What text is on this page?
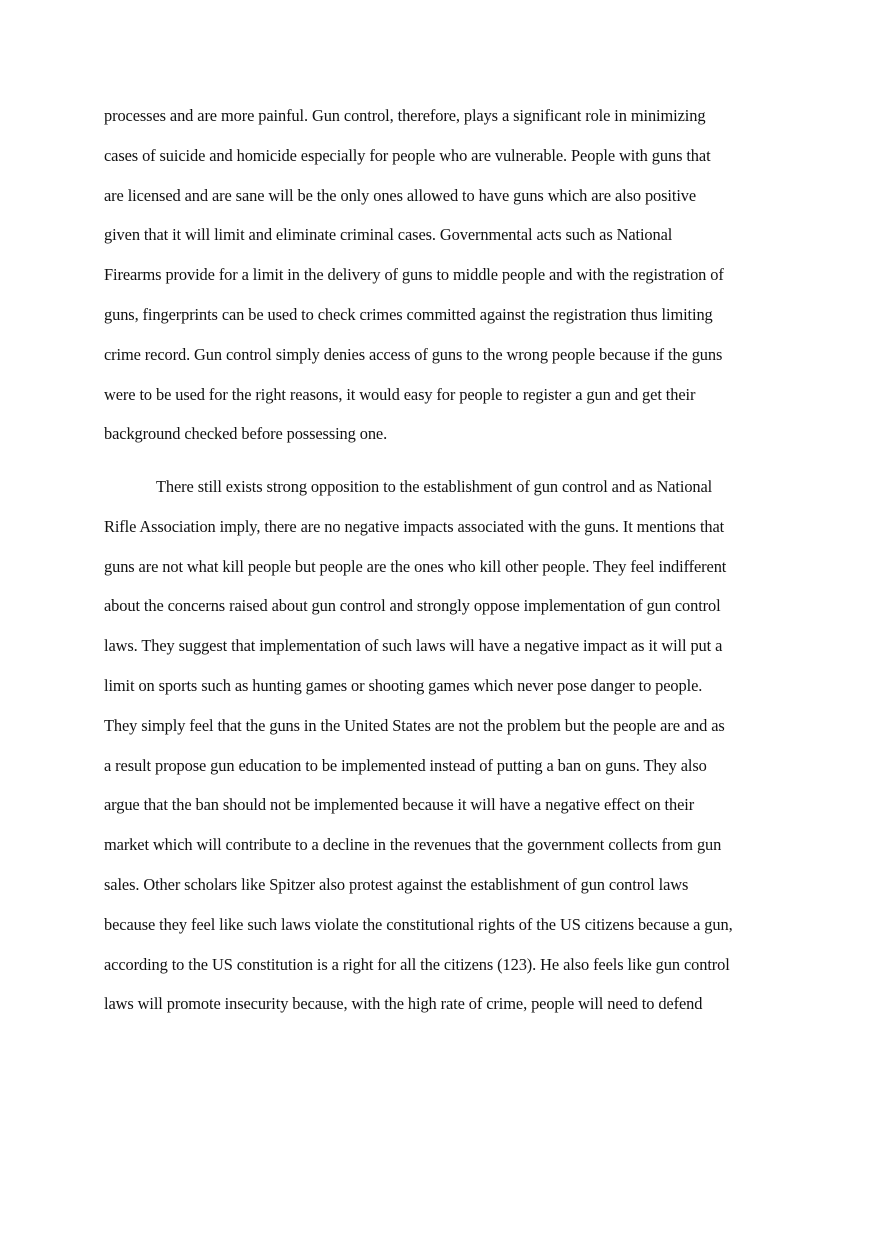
processes and are more painful. Gun control, therefore, plays a significant role in minimizing
cases of suicide and homicide especially for people who are vulnerable. People with guns that
are licensed and are sane will be the only ones allowed to have guns which are also positive
given that it will limit and eliminate criminal cases. Governmental acts such as National
Firearms provide for a limit in the delivery of guns to middle people and with the registration of
guns, fingerprints can be used to check crimes committed against the registration thus limiting
crime record. Gun control simply denies access of guns to the wrong people because if the guns
were to be used for the right reasons, it would easy for people to register a gun and get their
background checked before possessing one.
There still exists strong opposition to the establishment of gun control and as National
Rifle Association imply, there are no negative impacts associated with the guns. It mentions that
guns are not what kill people but people are the ones who kill other people. They feel indifferent
about the concerns raised about gun control and strongly oppose implementation of gun control
laws. They suggest that implementation of such laws will have a negative impact as it will put a
limit on sports such as hunting games or shooting games which never pose danger to people.
They simply feel that the guns in the United States are not the problem but the people are and as
a result propose gun education to be implemented instead of putting a ban on guns. They also
argue that the ban should not be implemented because it will have a negative effect on their
market which will contribute to a decline in the revenues that the government collects from gun
sales. Other scholars like Spitzer also protest against the establishment of gun control laws
because they feel like such laws violate the constitutional rights of the US citizens because a gun,
according to the US constitution is a right for all the citizens (123). He also feels like gun control
laws will promote insecurity because, with the high rate of crime, people will need to defend
